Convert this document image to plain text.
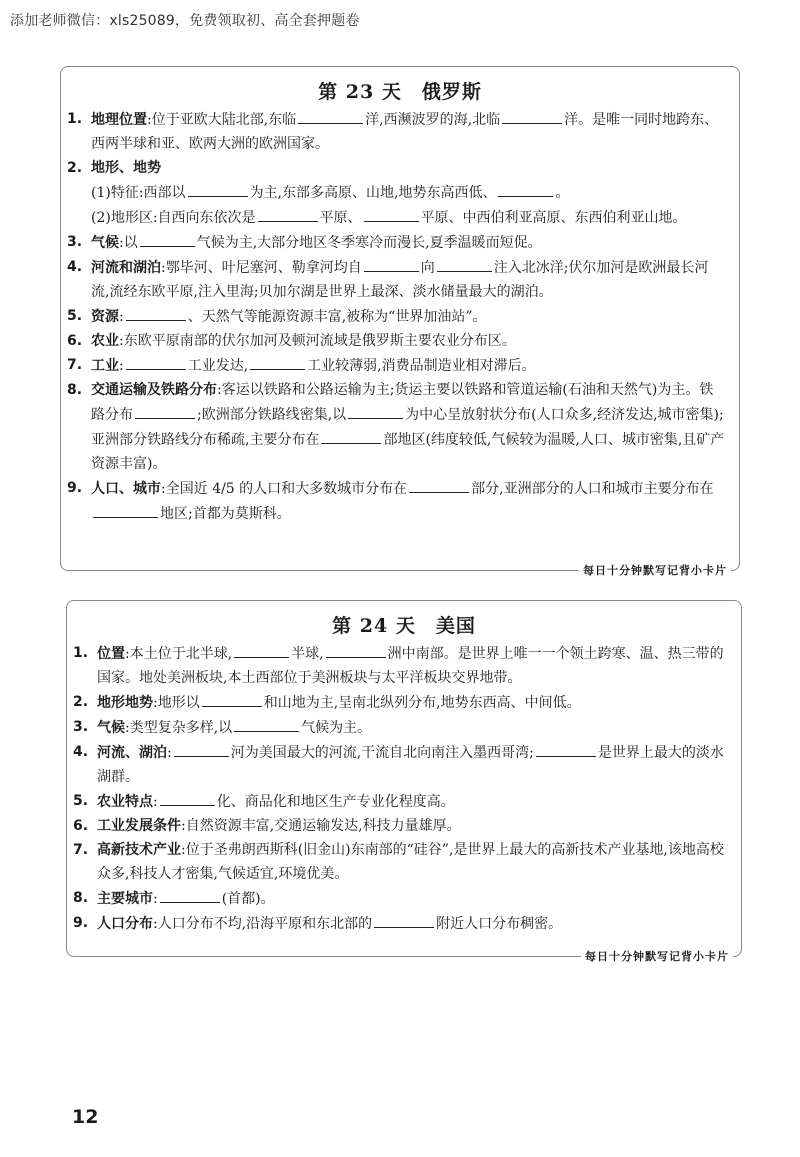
添加老师微信：xls25089，免费领取初、高全套押题卷
第 23 天　俄罗斯
1. 地理位置:位于亚欧大陆北部,东临	洋,西濒波罗的海,北临	洋。是唯一同时地跨东、西两半球和亚、欧两大洲的欧洲国家。
2. 地形、地势
(1)特征:西部以	为主,东部多高原、山地,地势东高西低、	。
(2)地形区:自西向东依次是	平原、	平原、中西伯利亚高原、东西伯利亚山地。
3. 气候:以	气候为主,大部分地区冬季寒冷而漫长,夏季温暖而短促。
4. 河流和湖泊:鄂毕河、叶尼塞河、勒拿河均自	向	注入北冰洋;伏尔加河是欧洲最长河流,流经东欧平原,注入里海;贝加尔湖是世界上最深、淡水储量最大的湖泊。
5. 资源:	、天然气等能源资源丰富,被称为“世界加油站”。
6. 农业:东欧平原南部的伏尔加河及顿河流域是俄罗斯主要农业分布区。
7. 工业:	工业发达,	工业较薄弱,消费品制造业相对滞后。
8. 交通运输及铁路分布:客运以铁路和公路运输为主;货运主要以铁路和管道运输(石油和天然气)为主。铁路分布	;欧洲部分铁路线密集,以	为中心呈放射状分布(人口众多,经济发达,城市密集);亚洲部分铁路线分布稀疏,主要分布在	部地区(纬度较低,气候较为温暖,人口、城市密集,且矿产资源丰富)。
9. 人口、城市:全国近 4/5 的人口和大多数城市分布在	部分,亚洲部分的人口和城市主要分布在地区;首都为莫斯科。
每日十分钟默写记背小卡片
第 24 天　美国
1. 位置:本土位于北半球,	半球,	洲中南部。是世界上唯一一个领土跨寒、温、热三带的国家。地处美洲板块,本土西部位于美洲板块与太平洋板块交界地带。
2. 地形地势:地形以	和山地为主,呈南北纵列分布,地势东西高、中间低。
3. 气候:类型复杂多样,以	气候为主。
4. 河流、湖泊:	河为美国最大的河流,干流自北向南注入墨西哥湾;	是世界上最大的淡水湖群。
5. 农业特点:	化、商品化和地区生产专业化程度高。
6. 工业发展条件:自然资源丰富,交通运输发达,科技力量雄厚。
7. 高新技术产业:位于圣弗朗西斯科(旧金山)东南部的“硅谷”,是世界上最大的高新技术产业基地,该地高校众多,科技人才密集,气候适宜,环境优美。
8. 主要城市:	(首都)。
9. 人口分布:人口分布不均,沿海平原和东北部的	附近人口分布稠密。
每日十分钟默写记背小卡片
12
